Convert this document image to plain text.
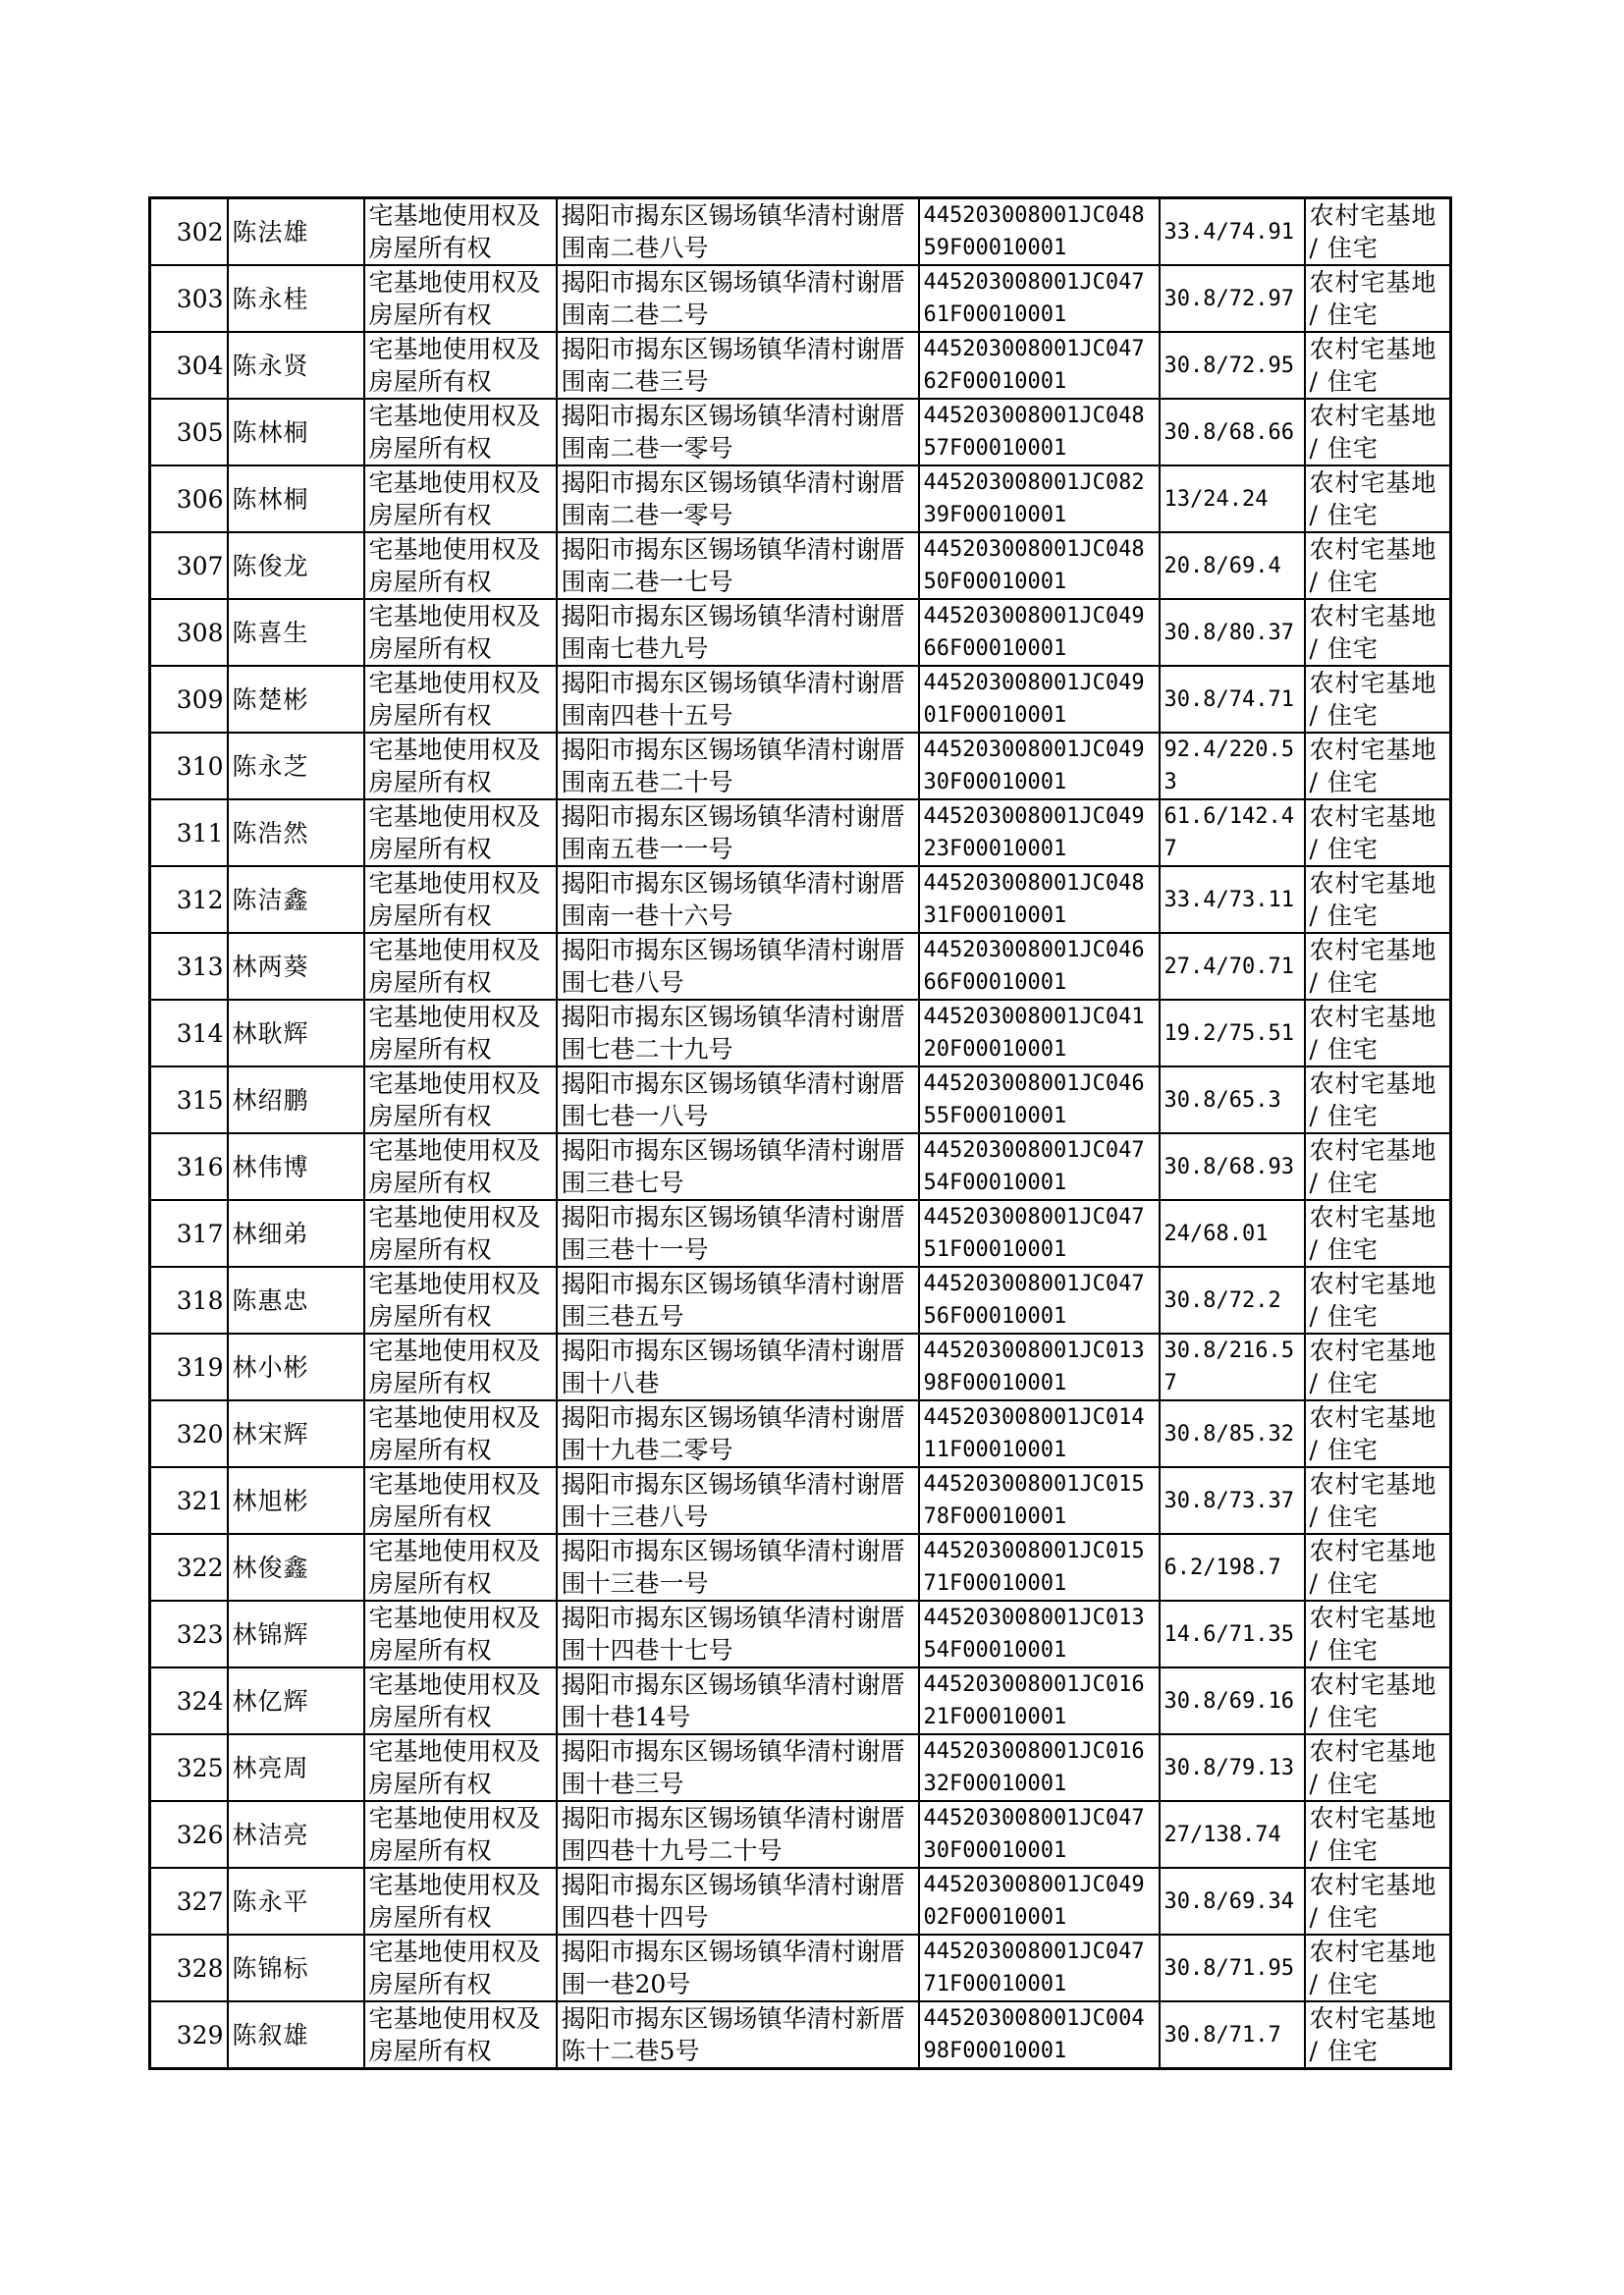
302	陈法雄	宅基地使用权及房屋所有权	揭阳市揭东区锡场镇华清村谢厝围南二巷八号	445203008001JC04859F00010001	33.4/74.91	农村宅基地 / 住宅
303	陈永桂	宅基地使用权及房屋所有权	揭阳市揭东区锡场镇华清村谢厝围南二巷二号	445203008001JC04761F00010001	30.8/72.97	农村宅基地 / 住宅
304	陈永贤	宅基地使用权及房屋所有权	揭阳市揭东区锡场镇华清村谢厝围南二巷三号	445203008001JC04762F00010001	30.8/72.95	农村宅基地 / 住宅
305	陈林桐	宅基地使用权及房屋所有权	揭阳市揭东区锡场镇华清村谢厝围南二巷一零号	445203008001JC04857F00010001	30.8/68.66	农村宅基地 / 住宅
306	陈林桐	宅基地使用权及房屋所有权	揭阳市揭东区锡场镇华清村谢厝围南二巷一零号	445203008001JC08239F00010001	13/24.24	农村宅基地 / 住宅
307	陈俊龙	宅基地使用权及房屋所有权	揭阳市揭东区锡场镇华清村谢厝围南二巷一七号	445203008001JC04850F00010001	20.8/69.4	农村宅基地 / 住宅
308	陈喜生	宅基地使用权及房屋所有权	揭阳市揭东区锡场镇华清村谢厝围南七巷九号	445203008001JC04966F00010001	30.8/80.37	农村宅基地 / 住宅
309	陈楚彬	宅基地使用权及房屋所有权	揭阳市揭东区锡场镇华清村谢厝围南四巷十五号	445203008001JC04901F00010001	30.8/74.71	农村宅基地 / 住宅
310	陈永芝	宅基地使用权及房屋所有权	揭阳市揭东区锡场镇华清村谢厝围南五巷二十号	445203008001JC04930F00010001	92.4/220.53	农村宅基地 / 住宅
311	陈浩然	宅基地使用权及房屋所有权	揭阳市揭东区锡场镇华清村谢厝围南五巷一一号	445203008001JC04923F00010001	61.6/142.47	农村宅基地 / 住宅
312	陈洁鑫	宅基地使用权及房屋所有权	揭阳市揭东区锡场镇华清村谢厝围南一巷十六号	445203008001JC04831F00010001	33.4/73.11	农村宅基地 / 住宅
313	林两葵	宅基地使用权及房屋所有权	揭阳市揭东区锡场镇华清村谢厝围七巷八号	445203008001JC04666F00010001	27.4/70.71	农村宅基地 / 住宅
314	林耿辉	宅基地使用权及房屋所有权	揭阳市揭东区锡场镇华清村谢厝围七巷二十九号	445203008001JC04120F00010001	19.2/75.51	农村宅基地 / 住宅
315	林绍鹏	宅基地使用权及房屋所有权	揭阳市揭东区锡场镇华清村谢厝围七巷一八号	445203008001JC04655F00010001	30.8/65.3	农村宅基地 / 住宅
316	林伟博	宅基地使用权及房屋所有权	揭阳市揭东区锡场镇华清村谢厝围三巷七号	445203008001JC04754F00010001	30.8/68.93	农村宅基地 / 住宅
317	林细弟	宅基地使用权及房屋所有权	揭阳市揭东区锡场镇华清村谢厝围三巷十一号	445203008001JC04751F00010001	24/68.01	农村宅基地 / 住宅
318	陈惠忠	宅基地使用权及房屋所有权	揭阳市揭东区锡场镇华清村谢厝围三巷五号	445203008001JC04756F00010001	30.8/72.2	农村宅基地 / 住宅
319	林小彬	宅基地使用权及房屋所有权	揭阳市揭东区锡场镇华清村谢厝围十八巷	445203008001JC01398F00010001	30.8/216.57	农村宅基地 / 住宅
320	林宋辉	宅基地使用权及房屋所有权	揭阳市揭东区锡场镇华清村谢厝围十九巷二零号	445203008001JC01411F00010001	30.8/85.32	农村宅基地 / 住宅
321	林旭彬	宅基地使用权及房屋所有权	揭阳市揭东区锡场镇华清村谢厝围十三巷八号	445203008001JC01578F00010001	30.8/73.37	农村宅基地 / 住宅
322	林俊鑫	宅基地使用权及房屋所有权	揭阳市揭东区锡场镇华清村谢厝围十三巷一号	445203008001JC01571F00010001	6.2/198.7	农村宅基地 / 住宅
323	林锦辉	宅基地使用权及房屋所有权	揭阳市揭东区锡场镇华清村谢厝围十四巷十七号	445203008001JC01354F00010001	14.6/71.35	农村宅基地 / 住宅
324	林亿辉	宅基地使用权及房屋所有权	揭阳市揭东区锡场镇华清村谢厝围十巷14号	445203008001JC01621F00010001	30.8/69.16	农村宅基地 / 住宅
325	林亮周	宅基地使用权及房屋所有权	揭阳市揭东区锡场镇华清村谢厝围十巷三号	445203008001JC01632F00010001	30.8/79.13	农村宅基地 / 住宅
326	林洁亮	宅基地使用权及房屋所有权	揭阳市揭东区锡场镇华清村谢厝围四巷十九号二十号	445203008001JC04730F00010001	27/138.74	农村宅基地 / 住宅
327	陈永平	宅基地使用权及房屋所有权	揭阳市揭东区锡场镇华清村谢厝围四巷十四号	445203008001JC04902F00010001	30.8/69.34	农村宅基地 / 住宅
328	陈锦标	宅基地使用权及房屋所有权	揭阳市揭东区锡场镇华清村谢厝围一巷20号	445203008001JC04771F00010001	30.8/71.95	农村宅基地 / 住宅
329	陈叙雄	宅基地使用权及房屋所有权	揭阳市揭东区锡场镇华清村新厝陈十二巷5号	445203008001JC00498F00010001	30.8/71.7	农村宅基地 / 住宅
